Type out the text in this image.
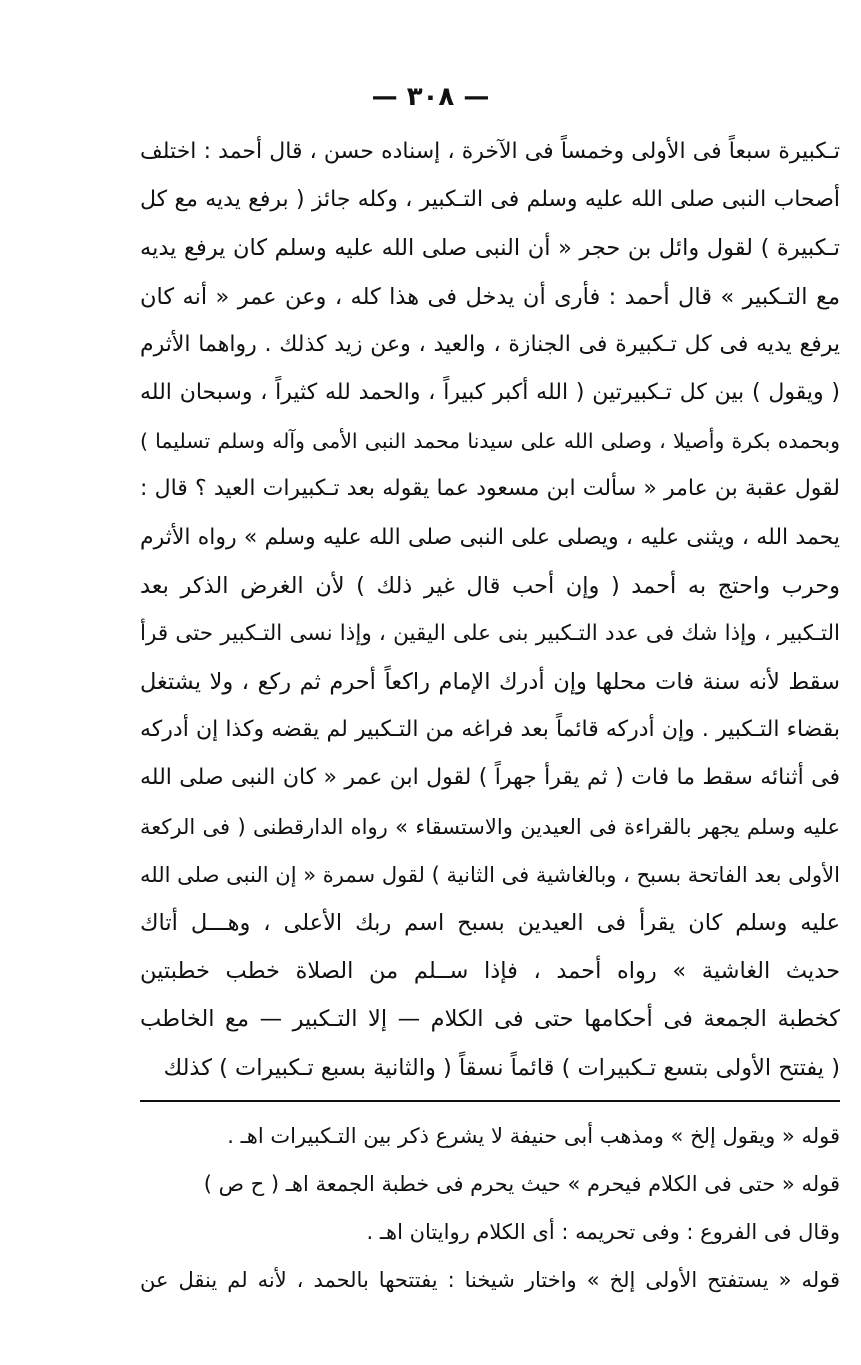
— ٣٠٨ —
تـكبيرة سبعاً فى الأولى وخمساً فى الآخرة ، إسناده حسن ، قال أحمد : اختلف
أصحاب النبى صلى الله عليه وسلم فى التـكبير ، وكله جائز ( برفع يديه مع كل
تـكبيرة ) لقول وائل بن حجر « أن النبى صلى الله عليه وسلم كان يرفع يديه
مع التـكبير » قال أحمد : فأرى أن يدخل فى هذا كله ، وعن عمر « أنه كان
يرفع يديه فى كل تـكبيرة فى الجنازة ، والعيد ، وعن زيد كذلك . رواهما الأثرم
( ويقول ) بين كل تـكبيرتين ( الله أكبر كبيراً ، والحمد لله كثيراً ، وسبحان الله
وبحمده بكرة وأصيلا ، وصلى الله على سيدنا محمد النبى الأمى وآله وسلم تسليما )
لقول عقبة بن عامر « سألت ابن مسعود عما يقوله بعد تـكبيرات العيد ؟ قال :
يحمد الله ، ويثنى عليه ، ويصلى على النبى صلى الله عليه وسلم » رواه الأثرم
وحرب واحتج به أحمد ( وإن أحب قال غير ذلك ) لأن الغرض الذكر بعد
التـكبير ، وإذا شك فى عدد التـكبير بنى على اليقين ، وإذا نسى التـكبير حتى قرأ
سقط لأنه سنة فات محلها وإن أدرك الإمام راكعاً أحرم ثم ركع ، ولا يشتغل
بقضاء التـكبير . وإن أدركه قائماً بعد فراغه من التـكبير لم يقضه وكذا إن أدركه
فى أثنائه سقط ما فات ( ثم يقرأ جهراً ) لقول ابن عمر « كان النبى صلى الله
عليه وسلم يجهر بالقراءة فى العيدين والاستسقاء » رواه الدارقطنى ( فى الركعة
الأولى بعد الفاتحة بسبح ، وبالغاشية فى الثانية ) لقول سمرة « إن النبى صلى الله
عليه وسلم كان يقرأ فى العيدين بسبح اسم ربك الأعلى ، وهـــل أتاك
حديث الغاشية » رواه أحمد ، فإذا ســلم من الصلاة خطب خطبتين
كخطبة الجمعة فى أحكامها حتى فى الكلام — إلا التـكبير — مع الخاطب
( يفتتح الأولى بتسع تـكبيرات ) قائماً نسقاً ( والثانية بسبع تـكبيرات ) كذلك
قوله « ويقول إلخ » ومذهب أبى حنيفة لا يشرع ذكر بين التـكبيرات اهـ .
قوله « حتى فى الكلام فيحرم » حيث يحرم فى خطبة الجمعة اهـ ( ح ص )
وقال فى الفروع : وفى تحريمه : أى الكلام روايتان اهـ .
قوله « يستفتح الأولى إلخ » واختار شيخنا : يفتتحها بالحمد ، لأنه لم ينقل عن
